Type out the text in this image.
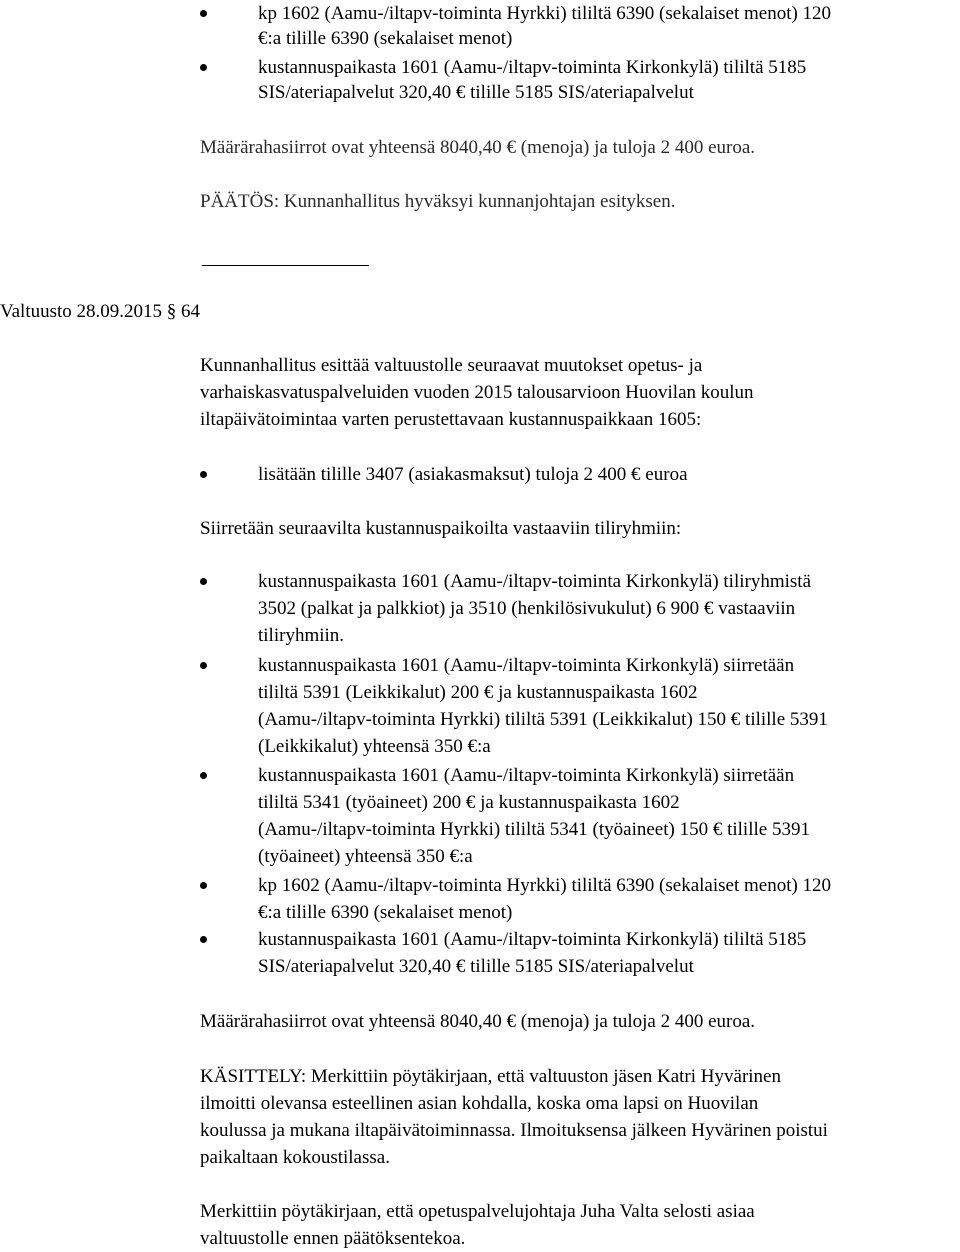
kp 1602 (Aamu-/iltapv-toiminta Hyrkki) tililtä 6390 (sekalaiset menot) 120

€:a tilille 6390 (sekalaiset menot)

kustannuspaikasta 1601 (Aamu-/iltapv-toiminta Kirkonkylä) tililtä 5185

SIS/ateriapalvelut 320,40 € tilille 5185 SIS/ateriapalvelut

Määrärahasiirrot ovat yhteensä 8040,40 € (menoja) ja tuloja 2 400 euroa.

PÄÄTÖS: Kunnanhallitus hyväksyi kunnanjohtajan esityksen.

Valtuusto 28.09.2015 § 64

Kunnanhallitus esittää valtuustolle seuraavat muutokset opetus- ja

varhaiskasvatuspalveluiden vuoden 2015 talousarvioon Huovilan koulun

iltapäivätoimintaa varten perustettavaan kustannuspaikkaan 1605:

lisätään tilille 3407 (asiakasmaksut) tuloja 2 400 € euroa

Siirretään seuraavilta kustannuspaikoilta vastaaviin tiliryhmiin:

kustannuspaikasta 1601 (Aamu-/iltapv-toiminta Kirkonkylä) tiliryhmistä

3502 (palkat ja palkkiot) ja 3510 (henkilösivukulut) 6 900 € vastaaviin

tiliryhmiin.

kustannuspaikasta 1601 (Aamu-/iltapv-toiminta Kirkonkylä) siirretään

tililtä 5391 (Leikkikalut) 200 € ja kustannuspaikasta 1602

(Aamu-/iltapv-toiminta Hyrkki) tililtä 5391 (Leikkikalut) 150 € tilille 5391

(Leikkikalut) yhteensä 350 €:a

kustannuspaikasta 1601 (Aamu-/iltapv-toiminta Kirkonkylä) siirretään

tililtä 5341 (työaineet) 200 € ja kustannuspaikasta 1602

(Aamu-/iltapv-toiminta Hyrkki) tililtä 5341 (työaineet) 150 € tilille 5391

(työaineet) yhteensä 350 €:a

kp 1602 (Aamu-/iltapv-toiminta Hyrkki) tililtä 6390 (sekalaiset menot) 120

€:a tilille 6390 (sekalaiset menot)

kustannuspaikasta 1601 (Aamu-/iltapv-toiminta Kirkonkylä) tililtä 5185

SIS/ateriapalvelut 320,40 € tilille 5185 SIS/ateriapalvelut

Määrärahasiirrot ovat yhteensä 8040,40 € (menoja) ja tuloja 2 400 euroa.

KÄSITTELY: Merkittiin pöytäkirjaan, että valtuuston jäsen Katri Hyvärinen

ilmoitti olevansa esteellinen asian kohdalla, koska oma lapsi on Huovilan

koulussa ja mukana iltapäivätoiminnassa. Ilmoituksensa jälkeen Hyvärinen poistui

paikaltaan kokoustilassa.

Merkittiin pöytäkirjaan, että opetuspalvelujohtaja Juha Valta selosti asiaa

valtuustolle ennen päätöksentekoa.
